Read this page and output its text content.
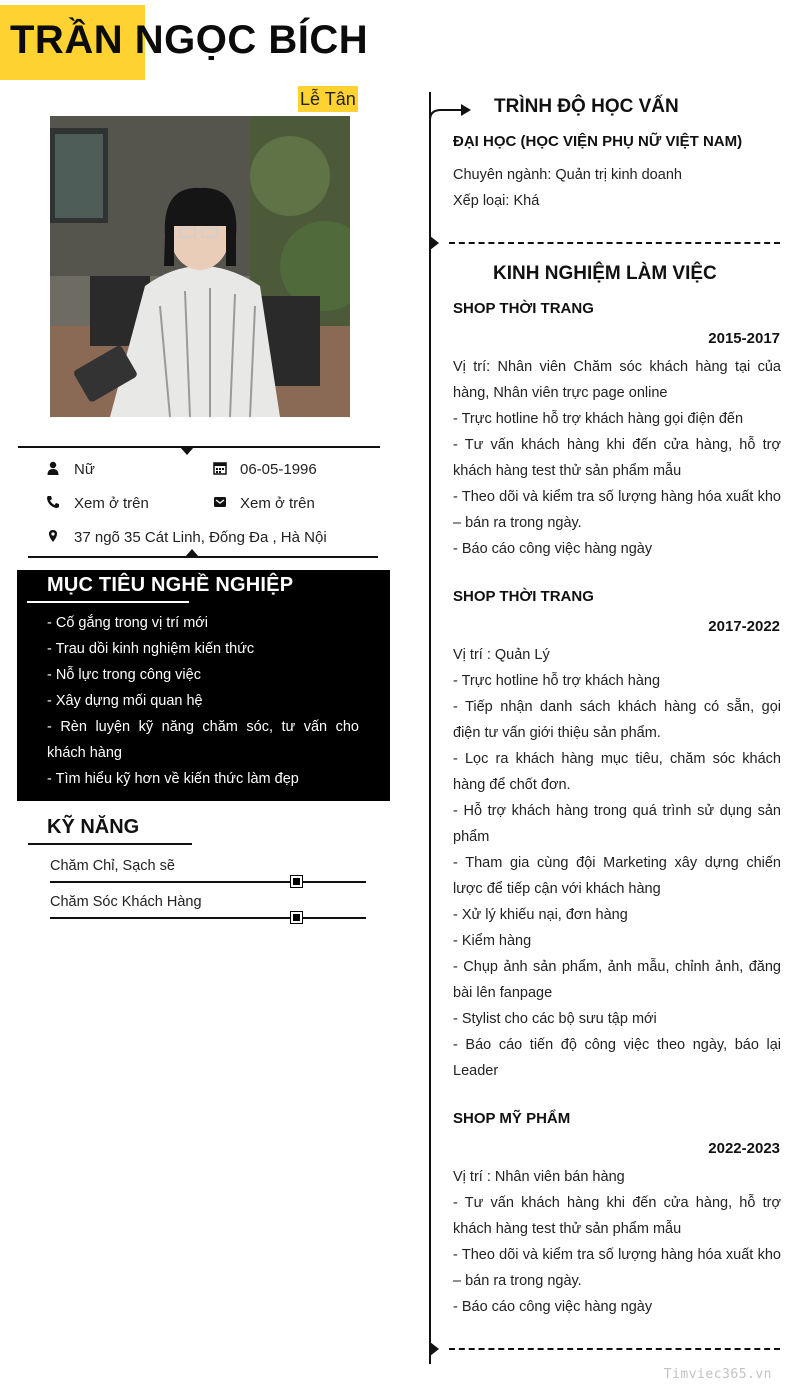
TRẦN NGỌC BÍCH
Lễ Tân
Nữ	06-05-1996
Xem ở trên	Xem ở trên
37 ngõ 35 Cát Linh, Đống Đa , Hà Nội
MỤC TIÊU NGHỀ NGHIỆP
- Cố gắng trong vị trí mới
- Trau dồi kinh nghiệm kiến thức
- Nỗ lực trong công việc
- Xây dựng mối quan hệ
- Rèn luyện kỹ năng chăm sóc, tư vấn cho khách hàng
- Tìm hiểu kỹ hơn về kiến thức làm đẹp
KỸ NĂNG
Chăm Chỉ, Sạch sẽ
Chăm Sóc Khách Hàng
TRÌNH ĐỘ HỌC VẤN
ĐẠI HỌC (HỌC VIỆN PHỤ NỮ VIỆT NAM)
Chuyên ngành: Quản trị kinh doanh
Xếp loại: Khá
KINH NGHIỆM LÀM VIỆC
SHOP THỜI TRANG
2015-2017
Vị trí: Nhân viên Chăm sóc khách hàng tại của hàng, Nhân viên trực page online
- Trực hotline hỗ trợ khách hàng gọi điện đến
- Tư vấn khách hàng khi đến cửa hàng, hỗ trợ khách hàng test thử sản phẩm mẫu
- Theo dõi và kiểm tra số lượng hàng hóa xuất kho – bán ra trong ngày.
- Báo cáo công việc hàng ngày
SHOP THỜI TRANG
2017-2022
Vị trí : Quản Lý
- Trực hotline hỗ trợ khách hàng
- Tiếp nhận danh sách khách hàng có sẵn, gọi điện tư vấn giới thiệu sản phẩm.
- Lọc ra khách hàng mục tiêu, chăm sóc khách hàng để chốt đơn.
- Hỗ trợ khách hàng trong quá trình sử dụng sản phẩm
- Tham gia cùng đội Marketing xây dựng chiến lược để tiếp cận với khách hàng
- Xử lý khiếu nại, đơn hàng
- Kiểm hàng
- Chụp ảnh sản phẩm, ảnh mẫu, chỉnh ảnh, đăng bài lên fanpage
- Stylist cho các bộ sưu tập mới
- Báo cáo tiến độ công việc theo ngày, báo lại Leader
SHOP MỸ PHẨM
2022-2023
Vị trí : Nhân viên bán hàng
- Tư vấn khách hàng khi đến cửa hàng, hỗ trợ khách hàng test thử sản phẩm mẫu
- Theo dõi và kiểm tra số lượng hàng hóa xuất kho – bán ra trong ngày.
- Báo cáo công việc hàng ngày
Timviec365.vn
